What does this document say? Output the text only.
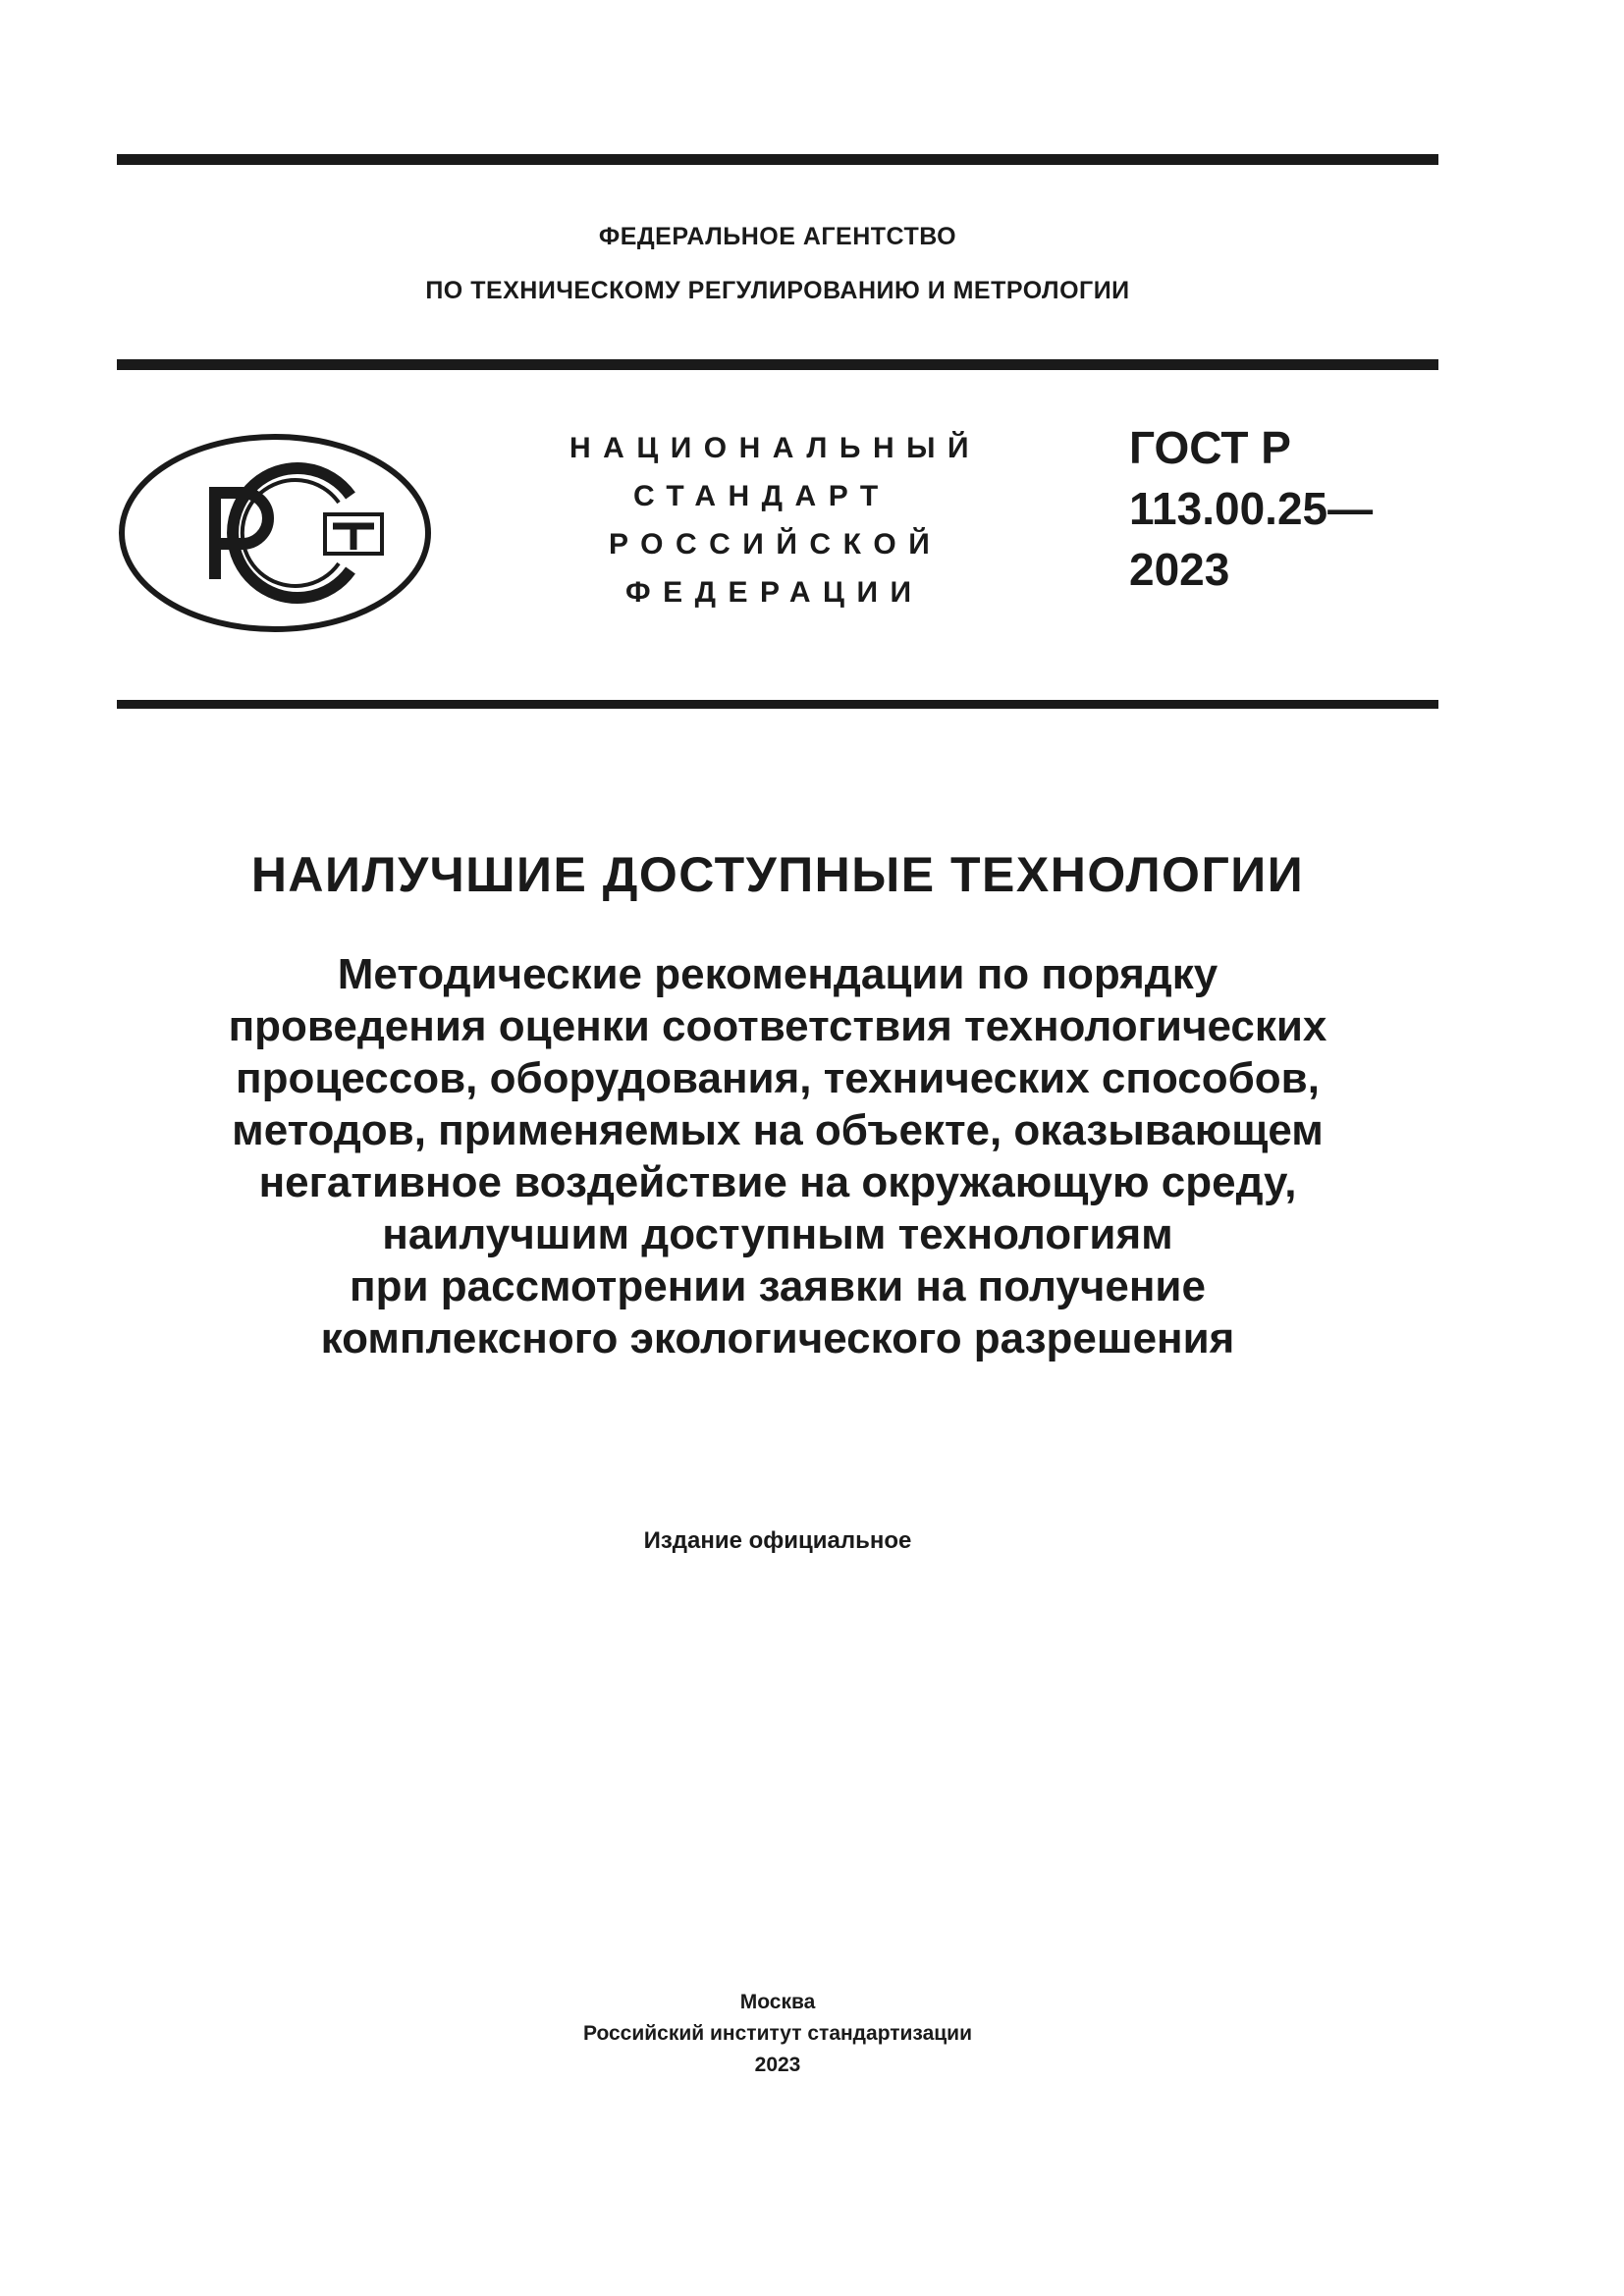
ФЕДЕРАЛЬНОЕ АГЕНТСТВО
ПО ТЕХНИЧЕСКОМУ РЕГУЛИРОВАНИЮ И МЕТРОЛОГИИ
НАЦИОНАЛЬНЫЙ
СТАНДАРТ
РОССИЙСКОЙ
ФЕДЕРАЦИИ
ГОСТ Р
113.00.25—
2023
НАИЛУЧШИЕ ДОСТУПНЫЕ ТЕХНОЛОГИИ
Методические рекомендации по порядку
проведения оценки соответствия технологических
процессов, оборудования, технических способов,
методов, применяемых на объекте, оказывающем
негативное воздействие на окружающую среду,
наилучшим доступным технологиям
при рассмотрении заявки на получение
комплексного экологического разрешения
Издание официальное
Москва
Российский институт стандартизации
2023
